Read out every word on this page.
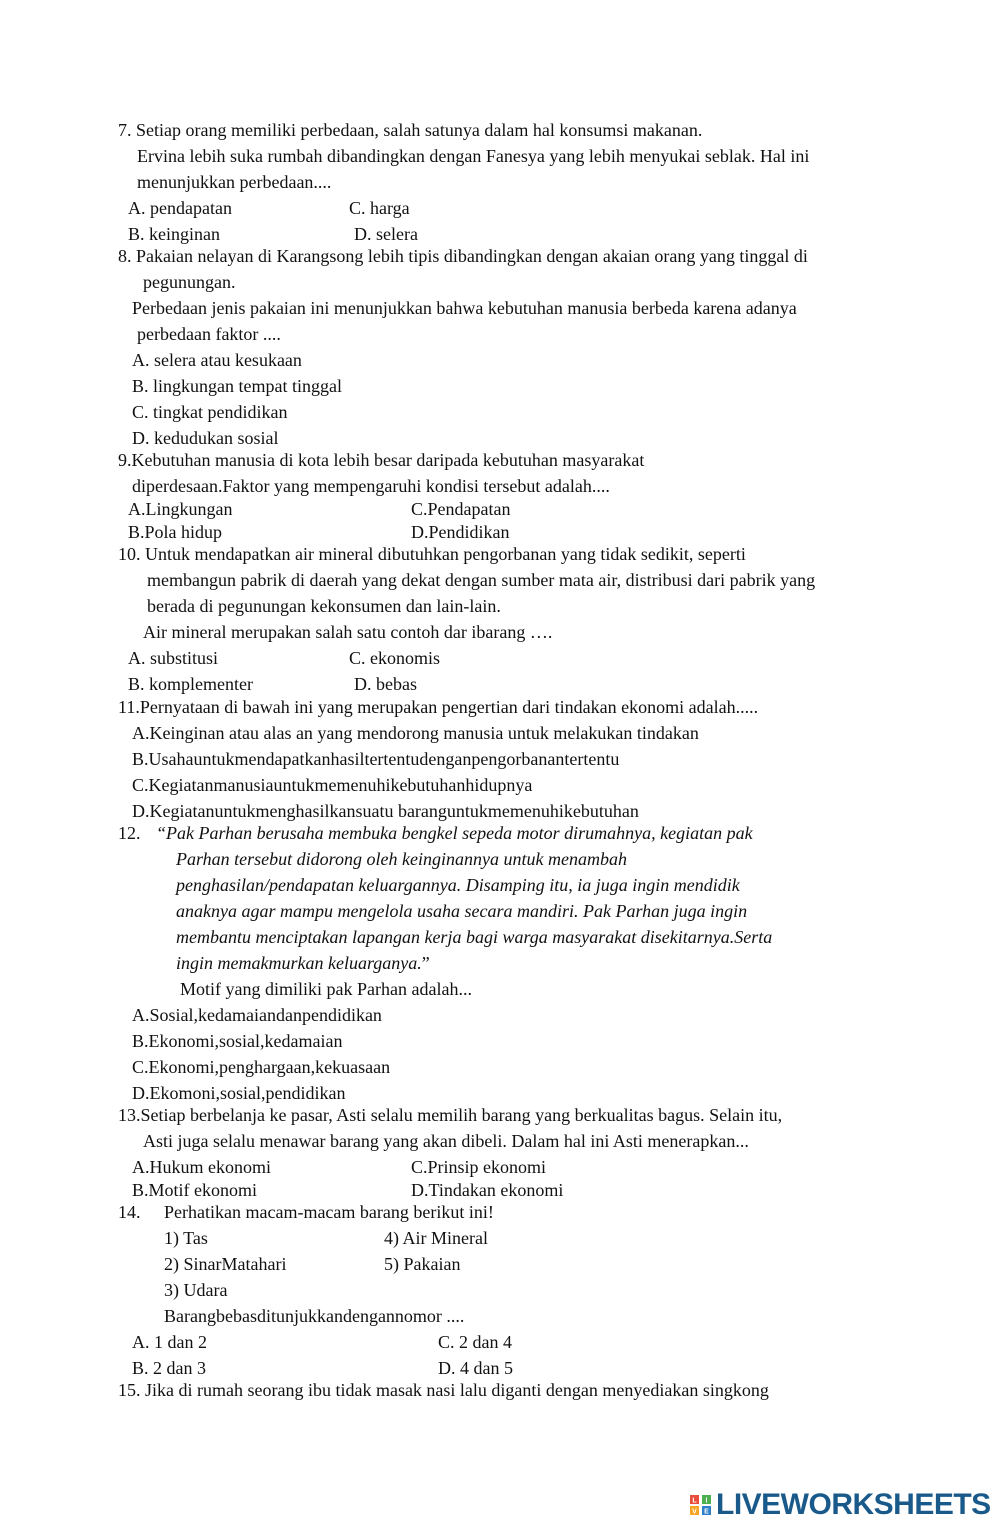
7. Setiap orang memiliki perbedaan, salah satunya dalam hal konsumsi makanan.
Ervina lebih suka rumbah dibandingkan dengan Fanesya yang lebih menyukai seblak. Hal ini
menunjukkan perbedaan....
A. pendapatan	C. harga
B. keinginan	D. selera
8. Pakaian nelayan di Karangsong lebih tipis dibandingkan dengan akaian orang yang tinggal di
pegunungan.
Perbedaan jenis pakaian ini menunjukkan bahwa kebutuhan manusia berbeda karena adanya
perbedaan faktor ....
A. selera atau kesukaan
B. lingkungan tempat tinggal
C. tingkat pendidikan
D. kedudukan sosial
9.Kebutuhan manusia di kota lebih besar daripada kebutuhan masyarakat
diperdesaan.Faktor yang mempengaruhi kondisi tersebut adalah....
A.Lingkungan	C.Pendapatan
B.Pola hidup	D.Pendidikan
10. Untuk mendapatkan air mineral dibutuhkan pengorbanan yang tidak sedikit, seperti
membangun pabrik di daerah yang dekat dengan sumber mata air, distribusi dari pabrik yang
berada di pegunungan kekonsumen dan lain-lain.
Air mineral merupakan salah satu contoh dar ibarang ….
A. substitusi	C. ekonomis
B. komplementer	D. bebas
11.Pernyataan di bawah ini yang merupakan pengertian dari tindakan ekonomi adalah.....
A.Keinginan atau alas an yang mendorong manusia untuk melakukan tindakan
B.Usahauntukmendapatkanhasiltertentudenganpengorbanantertentu
C.Kegiatanmanusiauntukmemenuhikebutuhanhidupnya
D.Kegiatanuntukmenghasilkansuatu baranguntukmemenuhikebutuhan
12. “Pak Parhan berusaha membuka bengkel sepeda motor dirumahnya, kegiatan pak
Parhan tersebut didorong oleh keinginannya untuk menambah
penghasilan/pendapatan keluargannya. Disamping itu, ia juga ingin mendidik
anaknya agar mampu mengelola usaha secara mandiri. Pak Parhan juga ingin
membantu menciptakan lapangan kerja bagi warga masyarakat disekitarnya.Serta
ingin memakmurkan keluarganya.”
Motif yang dimiliki pak Parhan adalah...
A.Sosial,kedamaiandanpendidikan
B.Ekonomi,sosial,kedamaian
C.Ekonomi,penghargaan,kekuasaan
D.Ekomoni,sosial,pendidikan
13.Setiap berbelanja ke pasar, Asti selalu memilih barang yang berkualitas bagus. Selain itu,
Asti juga selalu menawar barang yang akan dibeli. Dalam hal ini Asti menerapkan...
A.Hukum ekonomi	C.Prinsip ekonomi
B.Motif ekonomi	D.Tindakan ekonomi
14. Perhatikan macam-macam barang berikut ini!
1) Tas	4) Air Mineral
2) SinarMatahari	5) Pakaian
3) Udara
Barangbebasditunjukkandengannomor ....
A. 1 dan 2	C. 2 dan 4
B. 2 dan 3	D. 4 dan 5
15. Jika di rumah seorang ibu tidak masak nasi lalu diganti dengan menyediakan singkong
L I
V E LIVEWORKSHEETS
